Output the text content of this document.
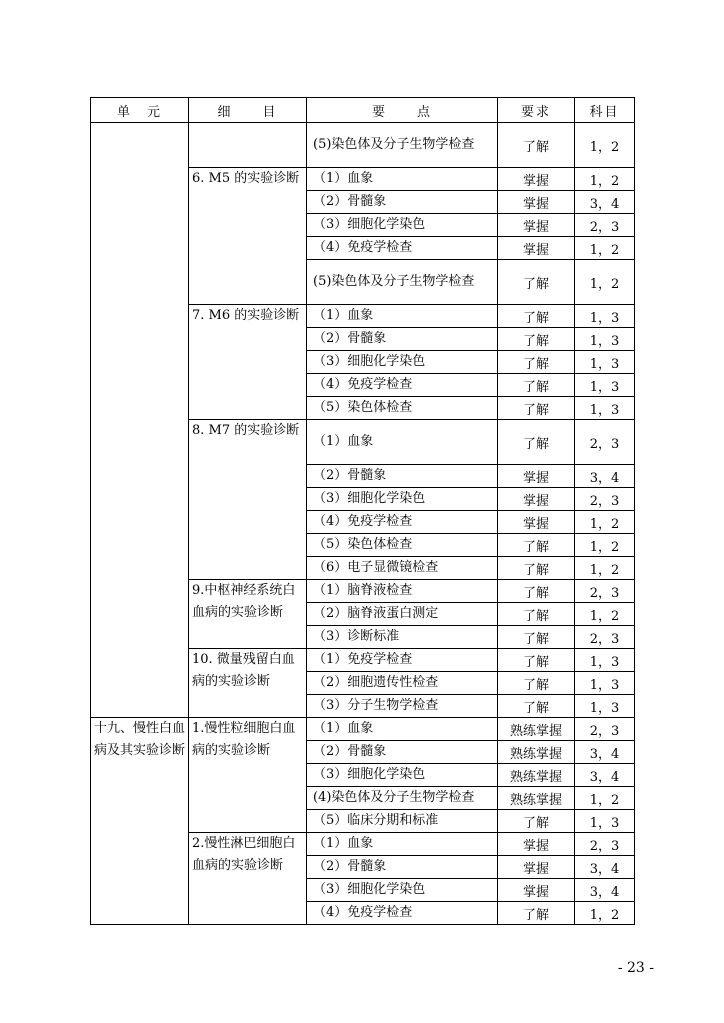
单　元	细　　目	要　　点	要求	科目
		(5)染色体及分子生物学检查	了解	1，2
	6. M5 的实验诊断	（1）血象	掌握	1，2
		（2）骨髓象	掌握	3，4
		（3）细胞化学染色	掌握	2，3
		（4）免疫学检查	掌握	1，2
		(5)染色体及分子生物学检查	了解	1，2
	7. M6 的实验诊断	（1）血象	了解	1，3
		（2）骨髓象	了解	1，3
		（3）细胞化学染色	了解	1，3
		（4）免疫学检查	了解	1，3
		（5）染色体检查	了解	1，3
	8. M7 的实验诊断	（1）血象	了解	2，3
		（2）骨髓象	掌握	3，4
		（3）细胞化学染色	掌握	2，3
		（4）免疫学检查	掌握	1，2
		（5）染色体检查	了解	1，2
		（6）电子显微镜检查	了解	1，2
	9.中枢神经系统白血病的实验诊断	（1）脑脊液检查	了解	2，3
		（2）脑脊液蛋白测定	了解	1，2
		（3）诊断标准	了解	2，3
	10. 微量残留白血病的实验诊断	（1）免疫学检查	了解	1，3
		（2）细胞遗传性检查	了解	1，3
		（3）分子生物学检查	了解	1，3
十九、慢性白血病及其实验诊断	1.慢性粒细胞白血病的实验诊断	（1）血象	熟练掌握	2，3
		（2）骨髓象	熟练掌握	3，4
		（3）细胞化学染色	熟练掌握	3，4
		(4)染色体及分子生物学检查	熟练掌握	1，2
		（5）临床分期和标准	了解	1，3
	2.慢性淋巴细胞白血病的实验诊断	（1）血象	掌握	2，3
		（2）骨髓象	掌握	3，4
		（3）细胞化学染色	掌握	3，4
		（4）免疫学检查	了解	1，2
- 23 -
